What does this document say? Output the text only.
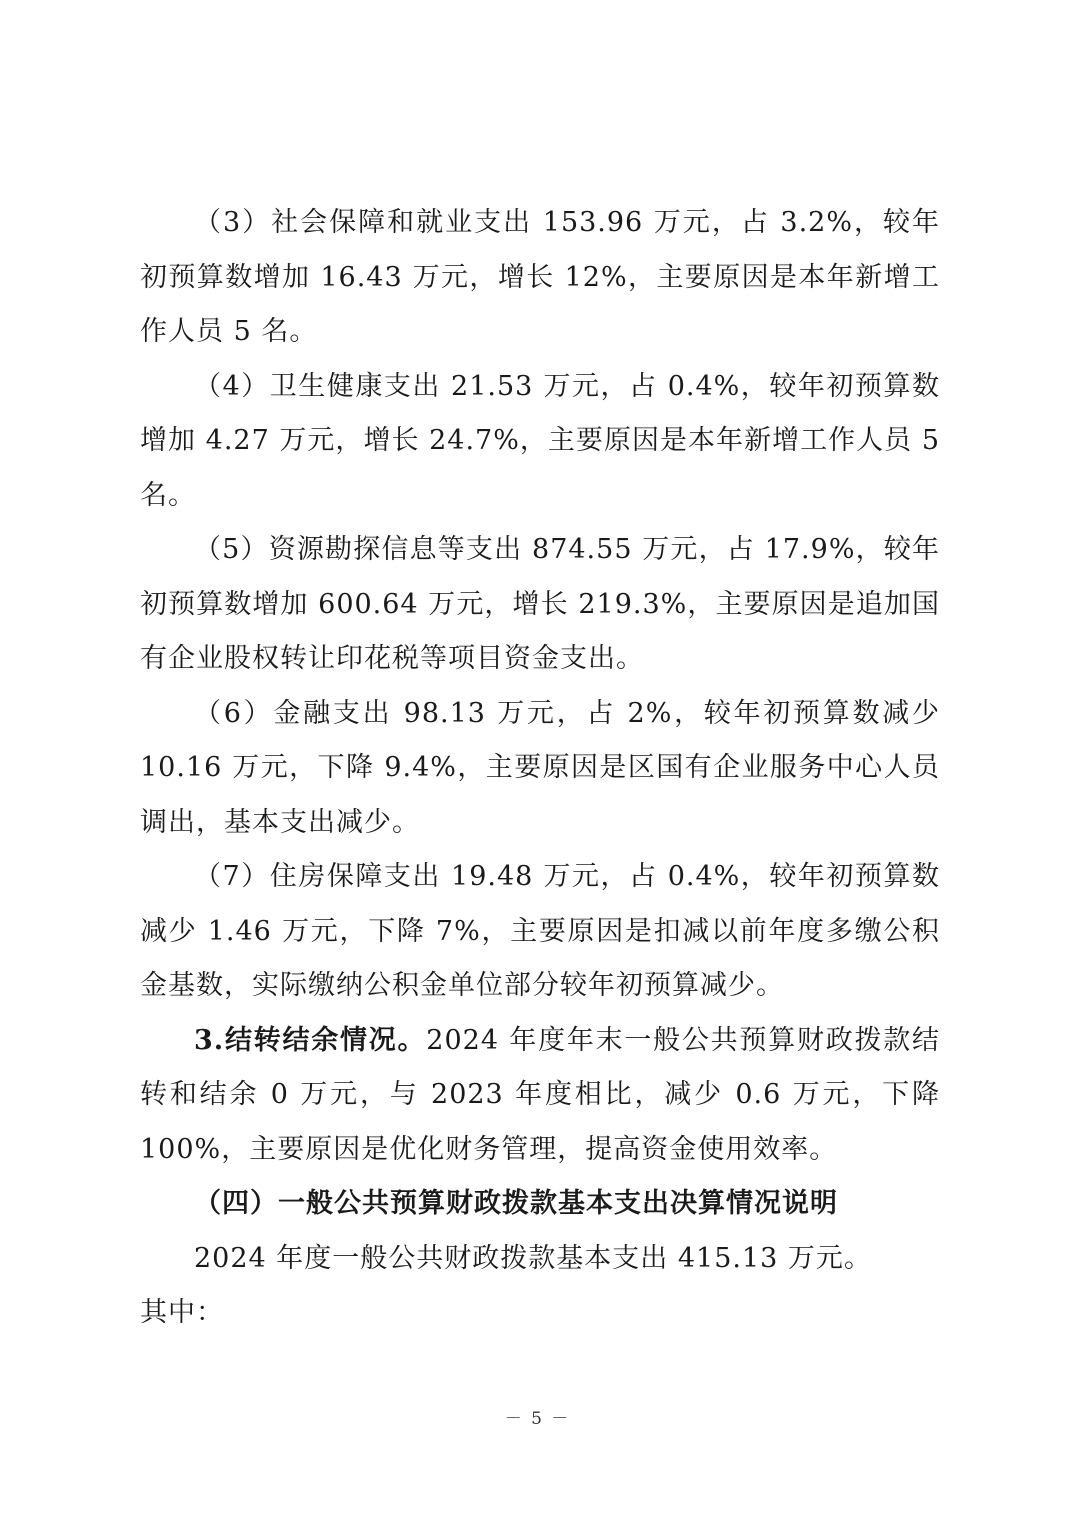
（3）社会保障和就业支出 153.96 万元，占 3.2%，较年初预算数增加 16.43 万元，增长 12%，主要原因是本年新增工作人员 5 名。

（4）卫生健康支出 21.53 万元，占 0.4%，较年初预算数增加 4.27 万元，增长 24.7%，主要原因是本年新增工作人员 5 名。

（5）资源勘探信息等支出 874.55 万元，占 17.9%，较年初预算数增加 600.64 万元，增长 219.3%，主要原因是追加国有企业股权转让印花税等项目资金支出。

（6）金融支出 98.13 万元，占 2%，较年初预算数减少 10.16 万元，下降 9.4%，主要原因是区国有企业服务中心人员调出，基本支出减少。

（7）住房保障支出 19.48 万元，占 0.4%，较年初预算数减少 1.46 万元，下降 7%，主要原因是扣减以前年度多缴公积金基数，实际缴纳公积金单位部分较年初预算减少。

3.结转结余情况。2024 年度年末一般公共预算财政拨款结转和结余 0 万元，与 2023 年度相比，减少 0.6 万元，下降 100%，主要原因是优化财务管理，提高资金使用效率。

（四）一般公共预算财政拨款基本支出决算情况说明

2024 年度一般公共财政拨款基本支出 415.13 万元。

其中：

－ 5 －
